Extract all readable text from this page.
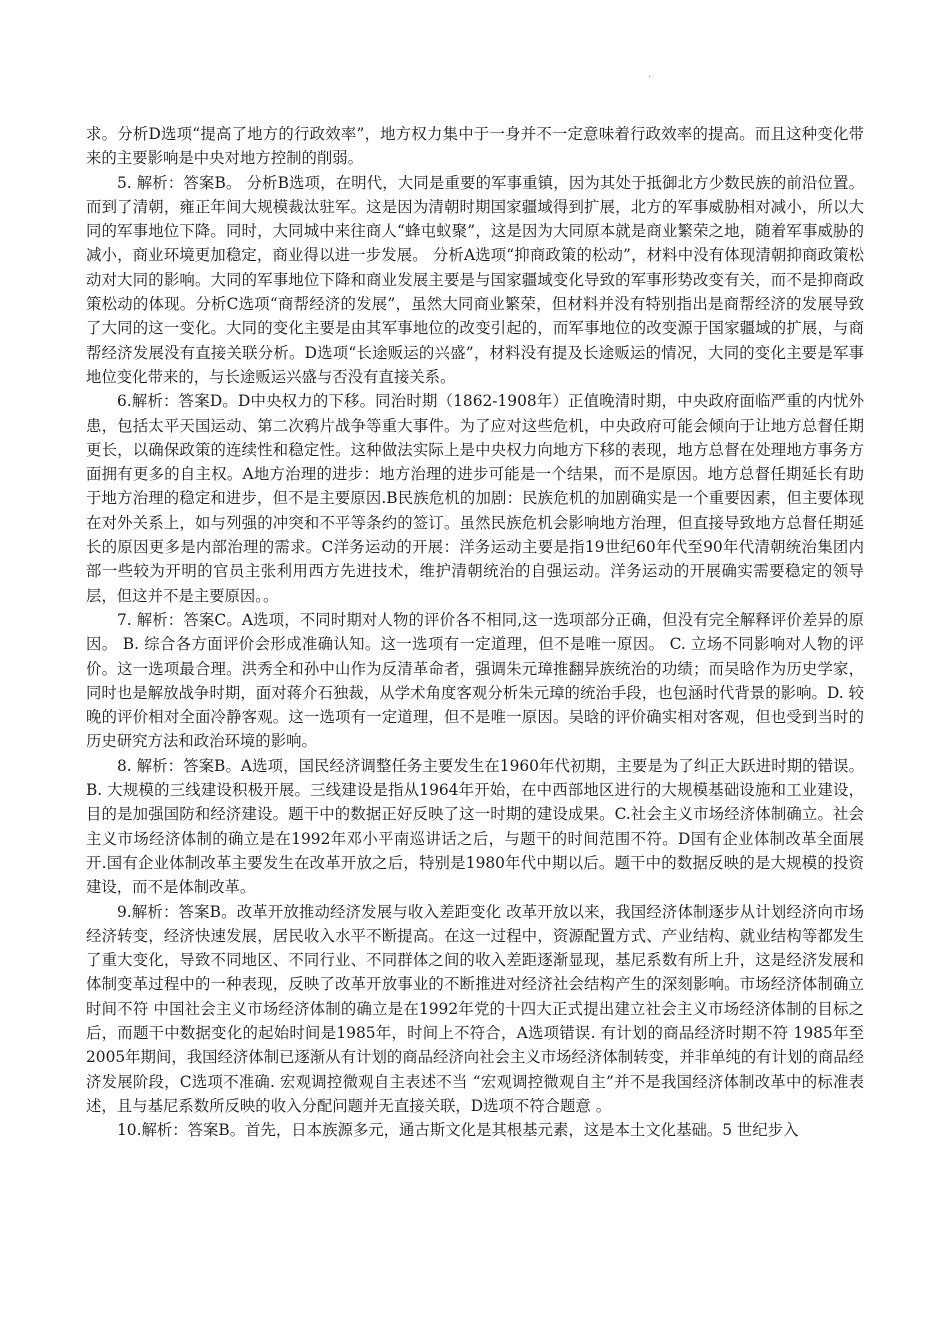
·

求。分析D选项“提高了地方的行政效率”，地方权力集中于一身并不一定意味着行政效率的提高。而且这种变化带来的主要影响是中央对地方控制的削弱。

5. 解析：答案B。 分析B选项，在明代，大同是重要的军事重镇，因为其处于抵御北方少数民族的前沿位置。而到了清朝，雍正年间大规模裁汰驻军。这是因为清朝时期国家疆域得到扩展，北方的军事威胁相对减小，所以大同的军事地位下降。同时，大同城中来往商人“蜂屯蚁聚”，这是因为大同原本就是商业繁荣之地，随着军事威胁的减小，商业环境更加稳定，商业得以进一步发展。 分析A选项“抑商政策的松动”，材料中没有体现清朝抑商政策松动对大同的影响。大同的军事地位下降和商业发展主要是与国家疆域变化导致的军事形势改变有关，而不是抑商政策松动的体现。分析C选项“商帮经济的发展”，虽然大同商业繁荣，但材料并没有特别指出是商帮经济的发展导致了大同的这一变化。大同的变化主要是由其军事地位的改变引起的，而军事地位的改变源于国家疆域的扩展，与商帮经济发展没有直接关联分析。D选项“长途贩运的兴盛”，材料没有提及长途贩运的情况，大同的变化主要是军事地位变化带来的，与长途贩运兴盛与否没有直接关系。

6.解析：答案D。D中央权力的下移。同治时期（1862-1908年）正值晚清时期，中央政府面临严重的内忧外患，包括太平天国运动、第二次鸦片战争等重大事件。为了应对这些危机，中央政府可能会倾向于让地方总督任期更长，以确保政策的连续性和稳定性。这种做法实际上是中央权力向地方下移的表现，地方总督在处理地方事务方面拥有更多的自主权。A地方治理的进步：地方治理的进步可能是一个结果，而不是原因。地方总督任期延长有助于地方治理的稳定和进步，但不是主要原因.B民族危机的加剧：民族危机的加剧确实是一个重要因素，但主要体现在对外关系上，如与列强的冲突和不平等条约的签订。虽然民族危机会影响地方治理，但直接导致地方总督任期延长的原因更多是内部治理的需求。C洋务运动的开展：洋务运动主要是指19世纪60年代至90年代清朝统治集团内部一些较为开明的官员主张利用西方先进技术，维护清朝统治的自强运动。洋务运动的开展确实需要稳定的领导层，但这并不是主要原因。。

7. 解析：答案C。A选项，不同时期对人物的评价各不相同,这一选项部分正确，但没有完全解释评价差异的原因。 B. 综合各方面评价会形成准确认知。这一选项有一定道理，但不是唯一原因。 C. 立场不同影响对人物的评价。这一选项最合理。洪秀全和孙中山作为反清革命者，强调朱元璋推翻异族统治的功绩；而吴晗作为历史学家，同时也是解放战争时期，面对蒋介石独裁，从学术角度客观分析朱元璋的统治手段，也包涵时代背景的影响。D. 较晚的评价相对全面冷静客观。这一选项有一定道理，但不是唯一原因。吴晗的评价确实相对客观，但也受到当时的历史研究方法和政治环境的影响。

8. 解析：答案B。A选项，国民经济调整任务主要发生在1960年代初期，主要是为了纠正大跃进时期的错误。B. 大规模的三线建设积极开展。三线建设是指从1964年开始，在中西部地区进行的大规模基础设施和工业建设，目的是加强国防和经济建设。题干中的数据正好反映了这一时期的建设成果。C.社会主义市场经济体制确立。社会主义市场经济体制的确立是在1992年邓小平南巡讲话之后，与题干的时间范围不符。D国有企业体制改革全面展开.国有企业体制改革主要发生在改革开放之后，特别是1980年代中期以后。题干中的数据反映的是大规模的投资建设，而不是体制改革。

9.解析：答案B。改革开放推动经济发展与收入差距变化 改革开放以来，我国经济体制逐步从计划经济向市场经济转变，经济快速发展，居民收入水平不断提高。在这一过程中，资源配置方式、产业结构、就业结构等都发生了重大变化，导致不同地区、不同行业、不同群体之间的收入差距逐渐显现，基尼系数有所上升，这是经济发展和体制变革过程中的一种表现，反映了改革开放事业的不断推进对经济社会结构产生的深刻影响。市场经济体制确立时间不符 中国社会主义市场经济体制的确立是在1992年党的十四大正式提出建立社会主义市场经济体制的目标之后，而题干中数据变化的起始时间是1985年，时间上不符合，A选项错误. 有计划的商品经济时期不符 1985年至2005年期间，我国经济体制已逐渐从有计划的商品经济向社会主义市场经济体制转变，并非单纯的有计划的商品经济发展阶段，C选项不准确. 宏观调控微观自主表述不当 “宏观调控微观自主”并不是我国经济体制改革中的标准表述，且与基尼系数所反映的收入分配问题并无直接关联，D选项不符合题意 。

10.解析：答案B。首先，日本族源多元，通古斯文化是其根基元素，这是本土文化基础。5 世纪步入
